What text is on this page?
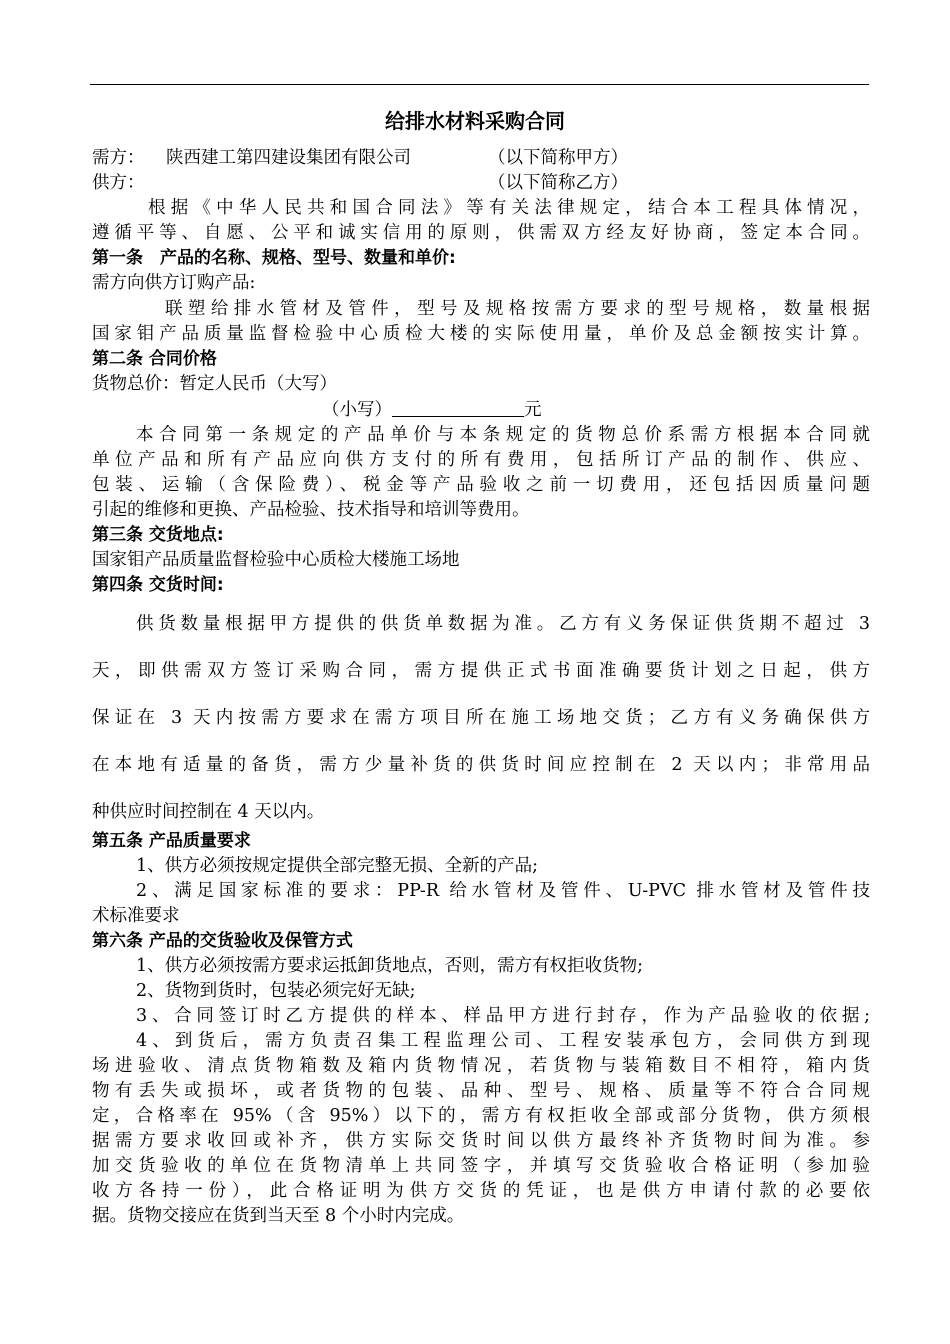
给排水材料采购合同
需方： 陕西建工第四建设集团有限公司	（以下简称甲方）
供方：	（以下简称乙方）
根据《中华人民共和国合同法》等有关法律规定，结合本工程具体情况，
遵循平等、自愿、公平和诚实信用的原则，供需双方经友好协商，签定本合同。
第一条　产品的名称、规格、型号、数量和单价:
需方向供方订购产品:
联塑给排水管材及管件，型号及规格按需方要求的型号规格，数量根据
国家钼产品质量监督检验中心质检大楼的实际使用量，单价及总金额按实计算。
第二条 合同价格
货物总价：暂定人民币（大写）
（小写）	元
本合同第一条规定的产品单价与本条规定的货物总价系需方根据本合同就
单位产品和所有产品应向供方支付的所有费用，包括所订产品的制作、供应、
包装、运输（含保险费）、税金等产品验收之前一切费用，还包括因质量问题
引起的维修和更换、产品检验、技术指导和培训等费用。
第三条 交货地点:
国家钼产品质量监督检验中心质检大楼施工场地
第四条 交货时间:
供货数量根据甲方提供的供货单数据为准。乙方有义务保证供货期不超过 3
天，即供需双方签订采购合同，需方提供正式书面准确要货计划之日起，供方
保证在 3 天内按需方要求在需方项目所在施工场地交货；乙方有义务确保供方
在本地有适量的备货，需方少量补货的供货时间应控制在 2 天以内；非常用品
种供应时间控制在 4 天以内。
第五条 产品质量要求
1、供方必须按规定提供全部完整无损、全新的产品;
2、满足国家标准的要求：PP-R 给水管材及管件、U-PVC 排水管材及管件技
术标准要求
第六条 产品的交货验收及保管方式
1、供方必须按需方要求运抵卸货地点，否则，需方有权拒收货物;
2、货物到货时，包装必须完好无缺;
3、合同签订时乙方提供的样本、样品甲方进行封存，作为产品验收的依据;
4、到货后，需方负责召集工程监理公司、工程安装承包方，会同供方到现
场进验收、清点货物箱数及箱内货物情况，若货物与装箱数目不相符，箱内货
物有丢失或损坏，或者货物的包装、品种、型号、规格、质量等不符合合同规
定，合格率在 95%（含 95%）以下的，需方有权拒收全部或部分货物，供方须根
据需方要求收回或补齐，供方实际交货时间以供方最终补齐货物时间为准。参
加交货验收的单位在货物清单上共同签字，并填写交货验收合格证明（参加验
收方各持一份），此合格证明为供方交货的凭证，也是供方申请付款的必要依
据。货物交接应在货到当天至 8 个小时内完成。
